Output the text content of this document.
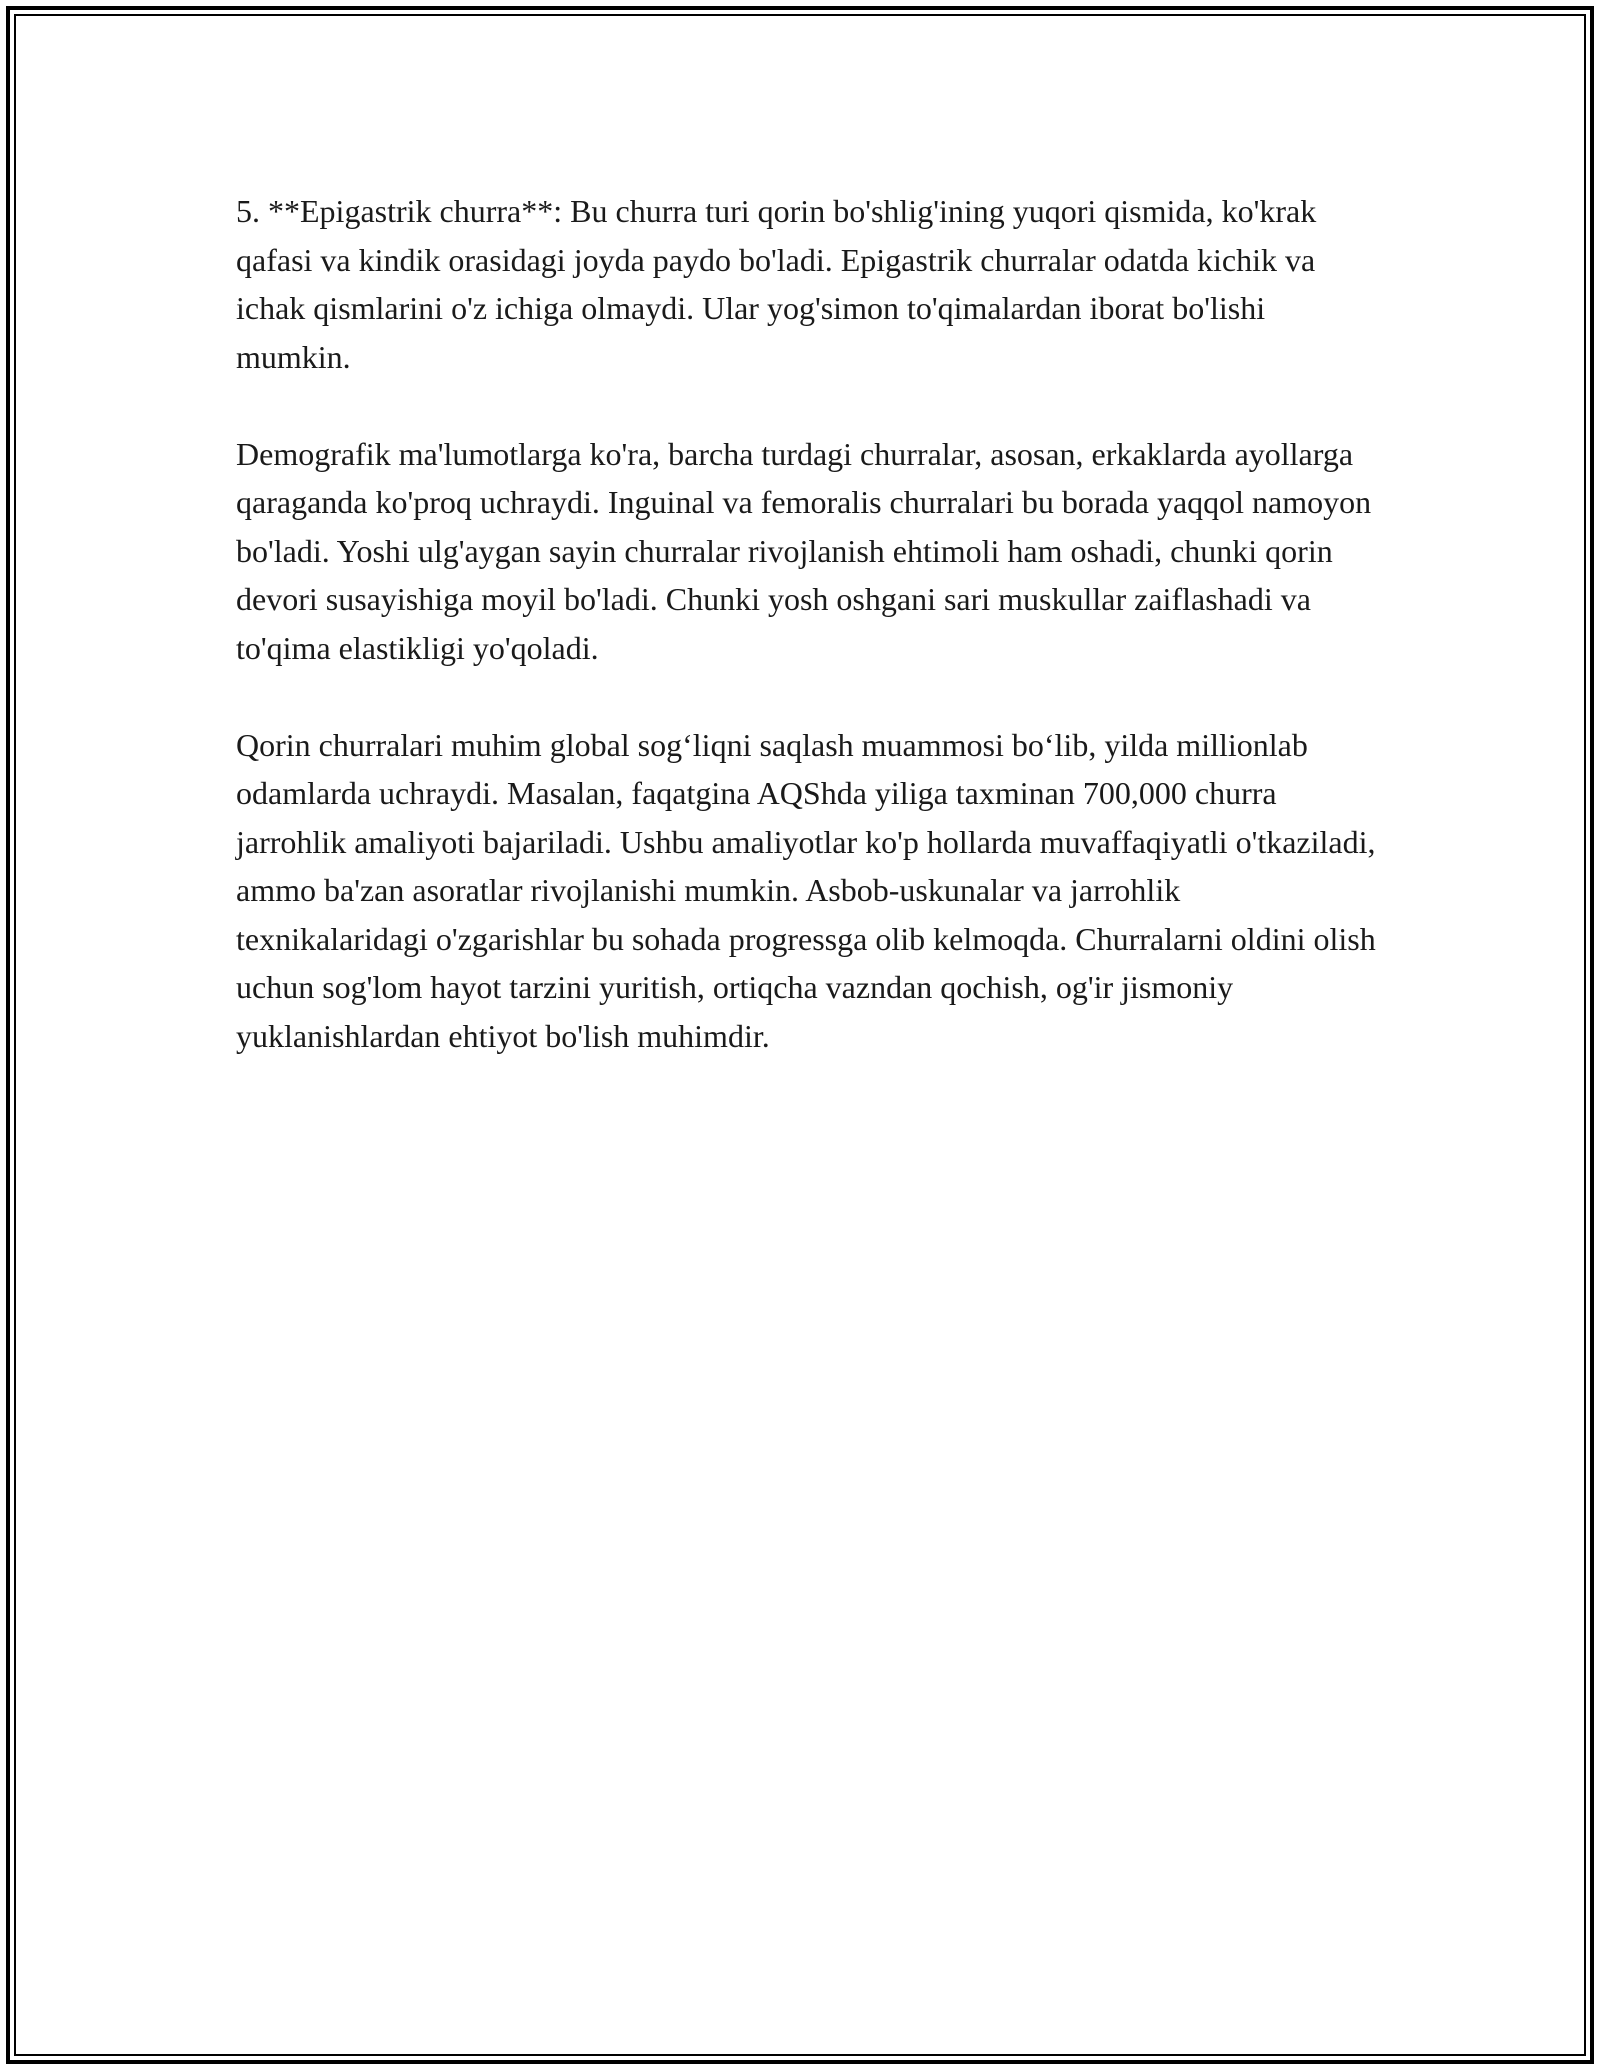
5. **Epigastrik churra**: Bu churra turi qorin bo'shlig'ining yuqori qismida, ko'krak qafasi va kindik orasidagi joyda paydo bo'ladi. Epigastrik churralar odatda kichik va ichak qismlarini o'z ichiga olmaydi. Ular yog'simon to'qimalardan iborat bo'lishi mumkin.

Demografik ma'lumotlarga ko'ra, barcha turdagi churralar, asosan, erkaklarda ayollarga qaraganda ko'proq uchraydi. Inguinal va femoralis churralari bu borada yaqqol namoyon bo'ladi. Yoshi ulg'aygan sayin churralar rivojlanish ehtimoli ham oshadi, chunki qorin devori susayishiga moyil bo'ladi. Chunki yosh oshgani sari muskullar zaiflashadi va to'qima elastikligi yo'qoladi.

Qorin churralari muhim global sog‘liqni saqlash muammosi bo‘lib, yilda millionlab odamlarda uchraydi. Masalan, faqatgina AQShda yiliga taxminan 700,000 churra jarrohlik amaliyoti bajariladi. Ushbu amaliyotlar ko'p hollarda muvaffaqiyatli o'tkaziladi, ammo ba'zan asoratlar rivojlanishi mumkin. Asbob-uskunalar va jarrohlik texnikalaridagi o'zgarishlar bu sohada progressga olib kelmoqda. Churralarni oldini olish uchun sog'lom hayot tarzini yuritish, ortiqcha vazndan qochish, og'ir jismoniy yuklanishlardan ehtiyot bo'lish muhimdir.
